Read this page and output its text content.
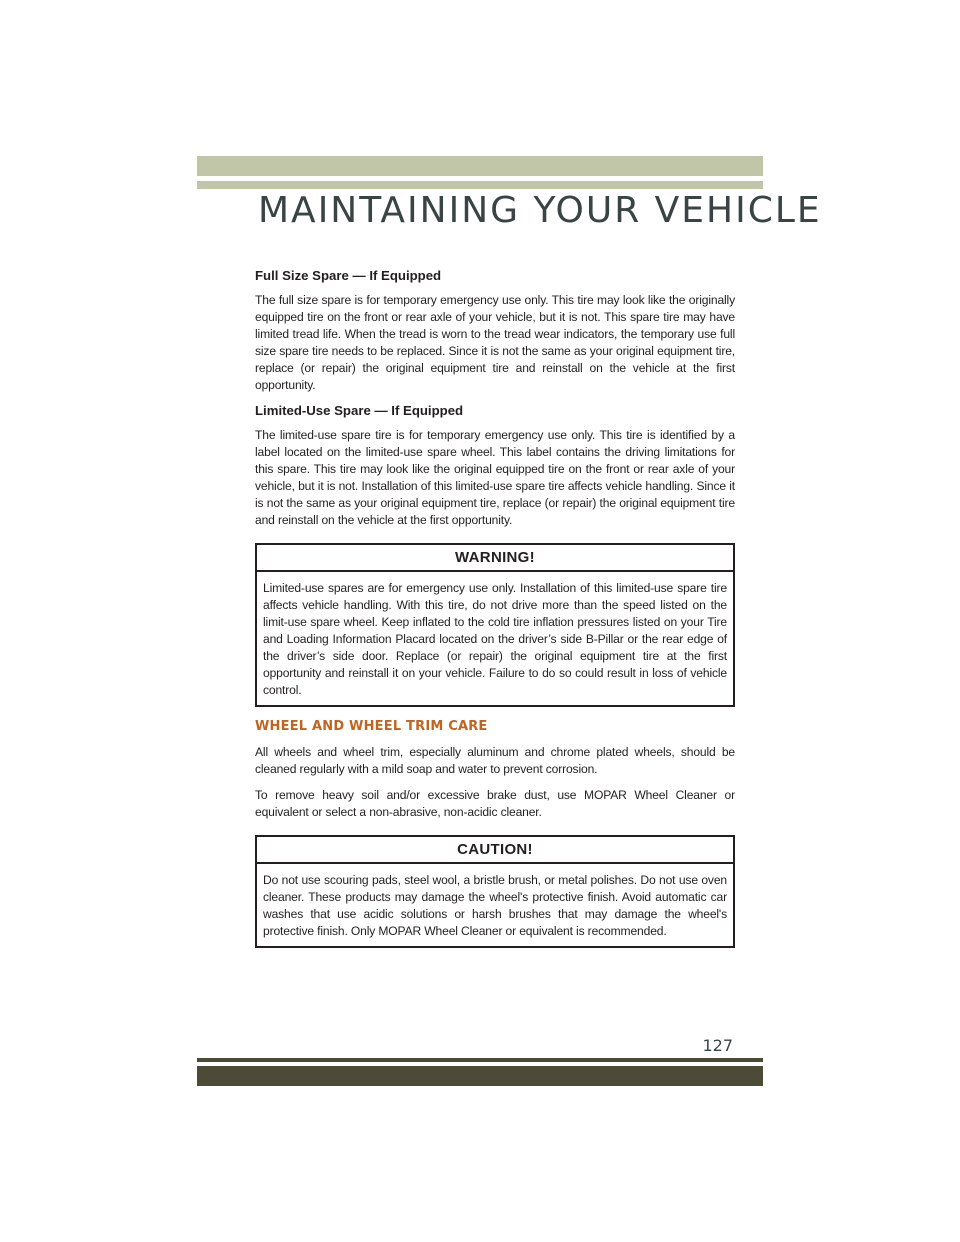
MAINTAINING YOUR VEHICLE
Full Size Spare — If Equipped

The full size spare is for temporary emergency use only. This tire may look like the originally equipped tire on the front or rear axle of your vehicle, but it is not. This spare tire may have limited tread life. When the tread is worn to the tread wear indicators, the temporary use full size spare tire needs to be replaced. Since it is not the same as your original equipment tire, replace (or repair) the original equipment tire and reinstall on the vehicle at the first opportunity.

Limited-Use Spare — If Equipped

The limited-use spare tire is for temporary emergency use only. This tire is identified by a label located on the limited-use spare wheel. This label contains the driving limitations for this spare. This tire may look like the original equipped tire on the front or rear axle of your vehicle, but it is not. Installation of this limited-use spare tire affects vehicle handling. Since it is not the same as your original equipment tire, replace (or repair) the original equipment tire and reinstall on the vehicle at the first opportunity.

WARNING!
Limited-use spares are for emergency use only. Installation of this limited-use spare tire affects vehicle handling. With this tire, do not drive more than the speed listed on the limit-use spare wheel. Keep inflated to the cold tire inflation pressures listed on your Tire and Loading Information Placard located on the driver’s side B-Pillar or the rear edge of the driver’s side door. Replace (or repair) the original equipment tire at the first opportunity and reinstall it on your vehicle. Failure to do so could result in loss of vehicle control.
WHEEL AND WHEEL TRIM CARE

All wheels and wheel trim, especially aluminum and chrome plated wheels, should be cleaned regularly with a mild soap and water to prevent corrosion.

To remove heavy soil and/or excessive brake dust, use MOPAR Wheel Cleaner or equivalent or select a non-abrasive, non-acidic cleaner.

CAUTION!
Do not use scouring pads, steel wool, a bristle brush, or metal polishes. Do not use oven cleaner. These products may damage the wheel's protective finish. Avoid automatic car washes that use acidic solutions or harsh brushes that may damage the wheel's protective finish. Only MOPAR Wheel Cleaner or equivalent is recommended.
127
